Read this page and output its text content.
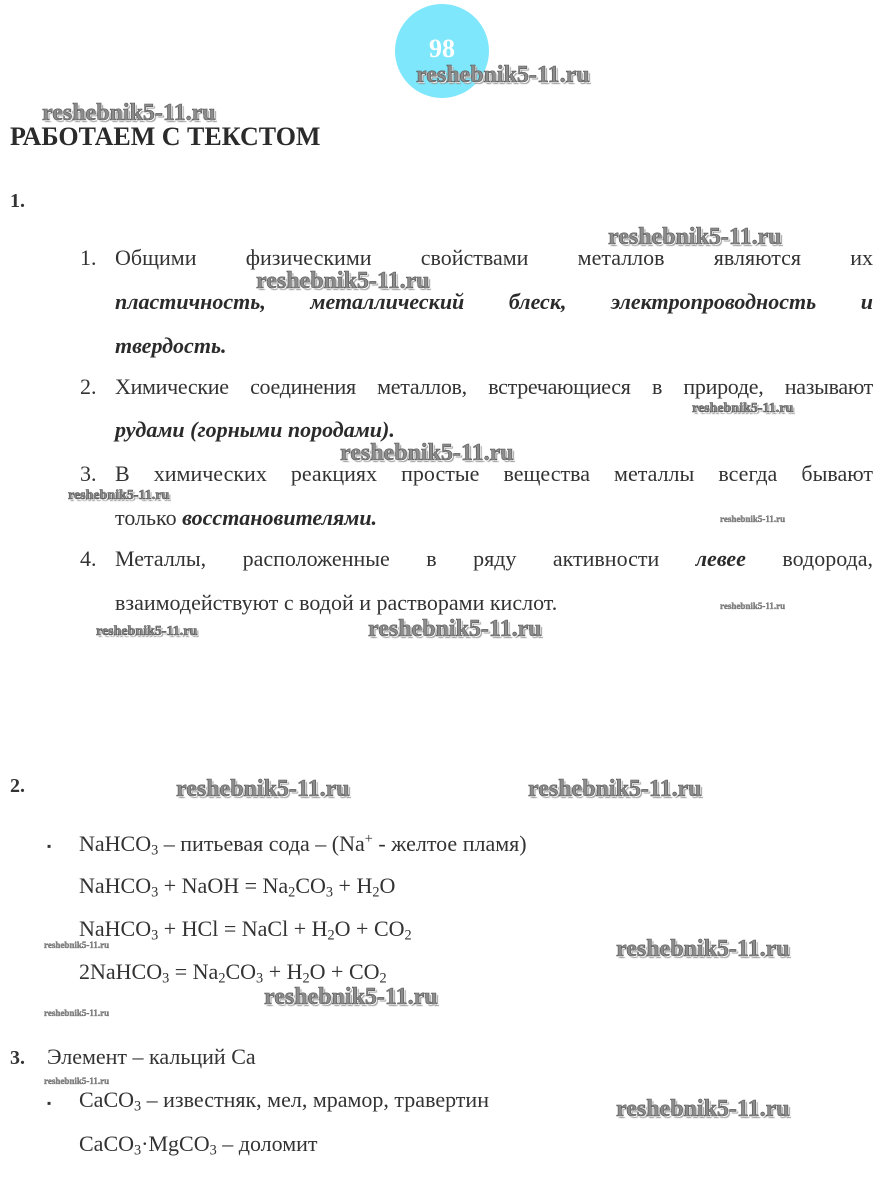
98
РАБОТАЕМ С ТЕКСТОМ
1.
1. Общими физическими свойствами металлов являются их
пластичность, металлический блеск, электропроводность и
твердость.
2. Химические соединения металлов, встречающиеся в природе, называют
рудами (горными породами).
3. В химических реакциях простые вещества металлы всегда бывают
только восстановителями.
4. Металлы, расположенные в ряду активности левее водорода,
взаимодействуют с водой и растворами кислот.
2.
▪ NaHCO$_3$ – питьевая сода – (Na+ - желтое пламя)
NaHCO$_3$ + NaOH = $Na_2CO_3 + H_2O$
NaHCO$_3$ + HCl = NaCl + $H_2O + CO_2$
2NaHCO$_3$ = $Na_2CO_3 + H_2O + CO_2$
3. Элемент – кальций Ca
▪ CaCO$_3$ – известняк, мел, мрамор, травертин
CaCO$_3$·MgCO$_3$ – доломит
reshebnik5-11.ru
reshebnik5-11.ru
reshebnik5-11.ru
reshebnik5-11.ru
reshebnik5-11.ru
reshebnik5-11.ru
reshebnik5-11.ru
reshebnik5-11.ru
reshebnik5-11.ru
reshebnik5-11.ru	reshebnik5-11.ru
reshebnik5-11.ru	reshebnik5-11.ru
reshebnik5-11.ru	reshebnik5-11.ru
reshebnik5-11.ru
reshebnik5-11.ru
reshebnik5-11.ru
reshebnik5-11.ru
